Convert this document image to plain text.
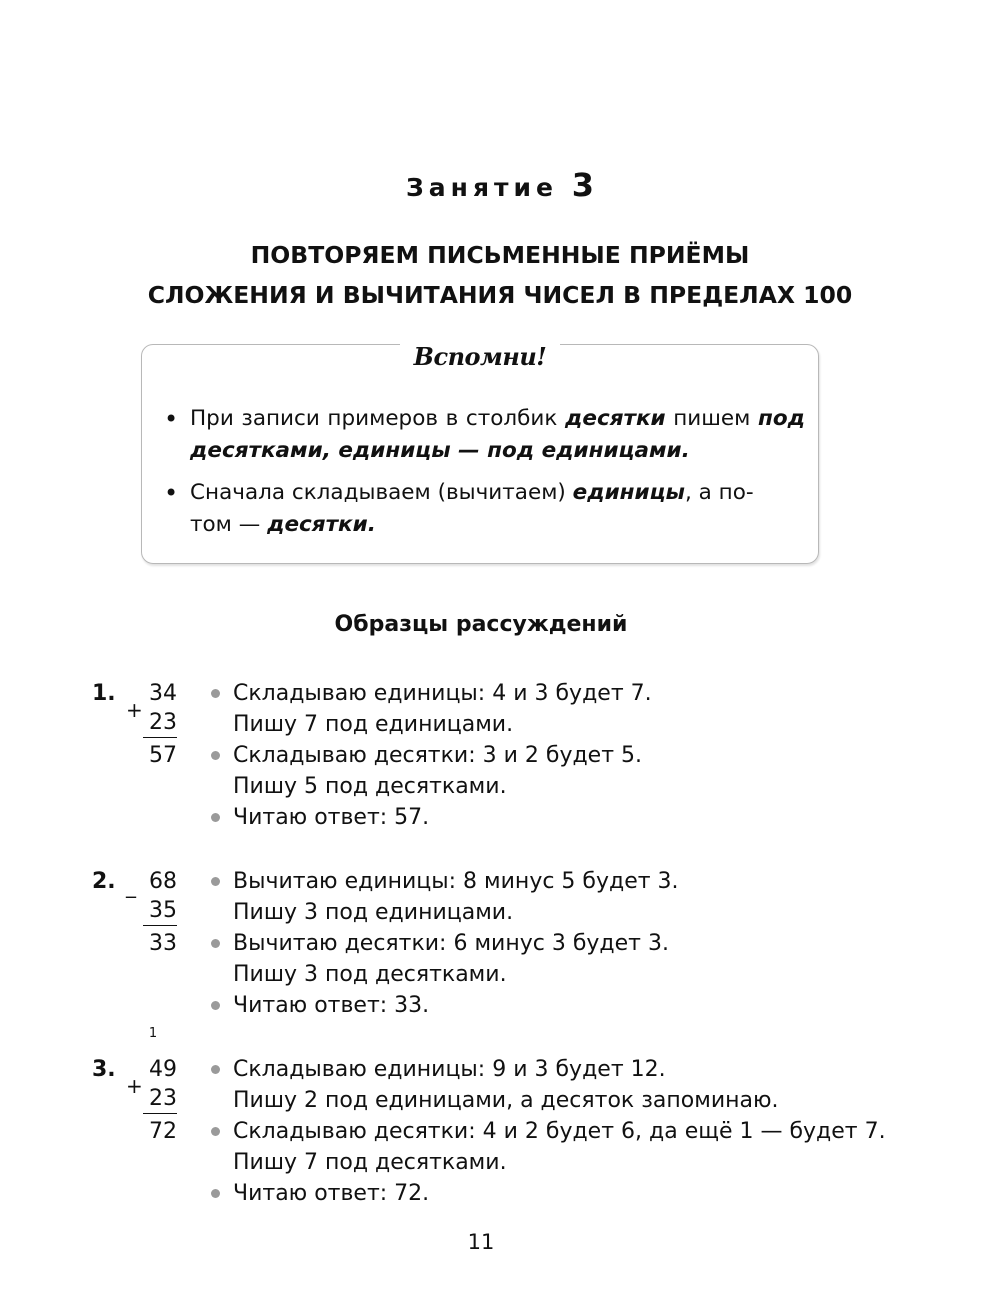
Занятие 3
ПОВТОРЯЕМ ПИСЬМЕННЫЕ ПРИЁМЫ
СЛОЖЕНИЯ И ВЫЧИТАНИЯ ЧИСЕЛ В ПРЕДЕЛАХ 100
Вспомни!
• При записи примеров в столбик десятки пишем под десятками, единицы — под единицами.
• Сначала складываем (вычитаем) единицы, а по-
том — десятки.
Образцы рассуждений
1.
+
34
23
57
Складываю единицы: 4 и 3 будет 7.
Пишу 7 под единицами.
Складываю десятки: 3 и 2 будет 5.
Пишу 5 под десятками.
Читаю ответ: 57.
2. _ 68
35
33
Вычитаю единицы: 8 минус 5 будет 3.
Пишу 3 под единицами.
Вычитаю десятки: 6 минус 3 будет 3.
Пишу 3 под десятками.
Читаю ответ: 33.
1
3.
+
49
23
72
Складываю единицы: 9 и 3 будет 12.
Пишу 2 под единицами, а десяток запоминаю.
Складываю десятки: 4 и 2 будет 6, да ещё 1 — будет 7.
Пишу 7 под десятками.
Читаю ответ: 72.
11
